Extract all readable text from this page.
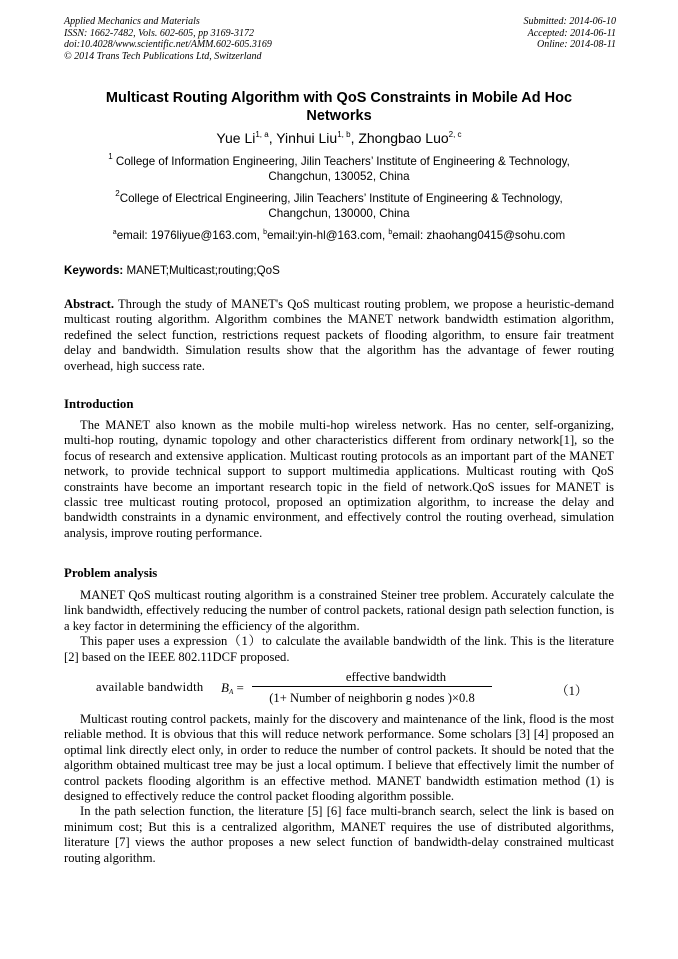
Applied Mechanics and Materials
ISSN: 1662-7482, Vols. 602-605, pp 3169-3172
doi:10.4028/www.scientific.net/AMM.602-605.3169
© 2014 Trans Tech Publications Ltd, Switzerland
Submitted: 2014-06-10
Accepted: 2014-06-11
Online: 2014-08-11
Multicast Routing Algorithm with QoS Constraints in Mobile Ad Hoc
Networks
Yue Li$^{1, a}$, Yinhui Liu$^{1, b}$, Zhongbao Luo$^{2, c}$
$^1$ College of Information Engineering, Jilin Teachers’ Institute of Engineering & Technology,
Changchun, 130052, China
$^2$College of Electrical Engineering, Jilin Teachers’ Institute of Engineering & Technology,
Changchun, 130000, China
$^a$email: 1976liyue@163.com, $^b$email:yin-hl@163.com, $^b$email: zhaohang0415@sohu.com
Keywords: MANET;Multicast;routing;QoS

Abstract. Through the study of MANET's QoS multicast routing problem, we propose a heuristic-demand multicast routing algorithm. Algorithm combines the MANET network bandwidth estimation algorithm, redefined the select function, restrictions request packets of flooding algorithm, to ensure fair treatment delay and bandwidth. Simulation results show that the algorithm has the advantage of fewer routing overhead, high success rate.

Introduction

The MANET also known as the mobile multi-hop wireless network. Has no center, self-organizing, multi-hop routing, dynamic topology and other characteristics different from ordinary network[1], so the focus of research and extensive application. Multicast routing protocols as an important part of the MANET network, to provide technical support to support multimedia applications. Multicast routing with QoS constraints have become an important research topic in the field of network.QoS issues for MANET is classic tree multicast routing protocol, proposed an optimization algorithm, to increase the delay and bandwidth constraints in a dynamic environment, and effectively control the routing overhead, simulation analysis, improve routing performance.

Problem analysis

MANET QoS multicast routing algorithm is a constrained Steiner tree problem. Accurately calculate the link bandwidth, effectively reducing the number of control packets, rational design path selection function, is a key factor in determining the efficiency of the algorithm.

This paper uses a expression（1）to calculate the available bandwidth of the link. This is the literature [2] based on the IEEE 802.11DCF proposed.

available bandwidth $B_A$ =
effective bandwidth
(1+ Number of neighborin g nodes )×0.8	（1）

Multicast routing control packets, mainly for the discovery and maintenance of the link, flood is the most reliable method. It is obvious that this will reduce network performance. Some scholars [3] [4] proposed an optimal link directly elect only, in order to reduce the number of control packets. It should be noted that the algorithm obtained multicast tree may be just a local optimum. I believe that effectively limit the number of control packets flooding algorithm is an effective method. MANET bandwidth estimation method (1) is designed to effectively reduce the control packet flooding algorithm possible.

In the path selection function, the literature [5] [6] face multi-branch search, select the link is based on minimum cost; But this is a centralized algorithm, MANET requires the use of distributed algorithms, literature [7] views the author proposes a new select function of bandwidth-delay constrained multicast routing algorithm.
